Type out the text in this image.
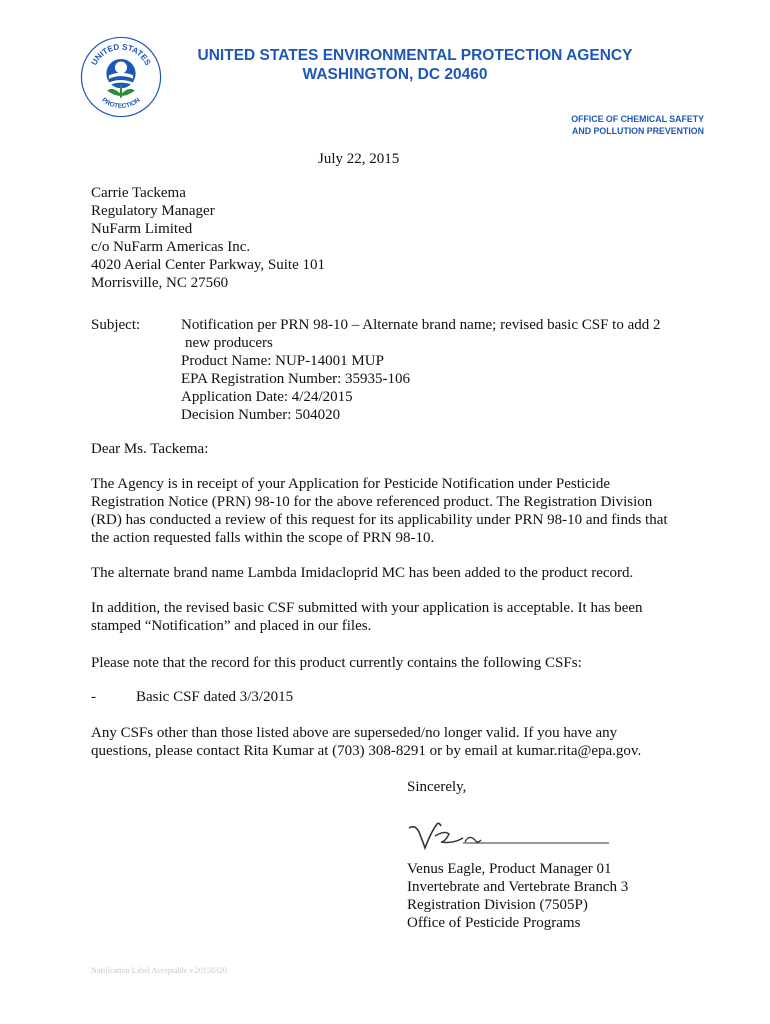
UNITED STATES
PROTECTION
UNITED STATES ENVIRONMENTAL PROTECTION AGENCY
WASHINGTON, DC 20460
OFFICE OF CHEMICAL SAFETY
AND POLLUTION PREVENTION
July 22, 2015
Carrie Tackema
Regulatory Manager
NuFarm Limited
c/o NuFarm Americas Inc.
4020 Aerial Center Parkway, Suite 101
Morrisville, NC 27560
Subject:	Notification per PRN 98-10 – Alternate brand name; revised basic CSF to add 2
new producers
Product Name: NUP-14001 MUP
EPA Registration Number: 35935-106
Application Date: 4/24/2015
Decision Number: 504020
Dear Ms. Tackema:
The Agency is in receipt of your Application for Pesticide Notification under Pesticide
Registration Notice (PRN) 98-10 for the above referenced product. The Registration Division
(RD) has conducted a review of this request for its applicability under PRN 98-10 and finds that
the action requested falls within the scope of PRN 98-10.
The alternate brand name Lambda Imidacloprid MC has been added to the product record.
In addition, the revised basic CSF submitted with your application is acceptable. It has been
stamped “Notification” and placed in our files.
Please note that the record for this product currently contains the following CSFs:
-	Basic CSF dated 3/3/2015
Any CSFs other than those listed above are superseded/no longer valid. If you have any
questions, please contact Rita Kumar at (703) 308-8291 or by email at kumar.rita@epa.gov.
Sincerely,
Venus Eagle, Product Manager 01
Invertebrate and Vertebrate Branch 3
Registration Division (7505P)
Office of Pesticide Programs
Notification Label Acceptable v.20150320
